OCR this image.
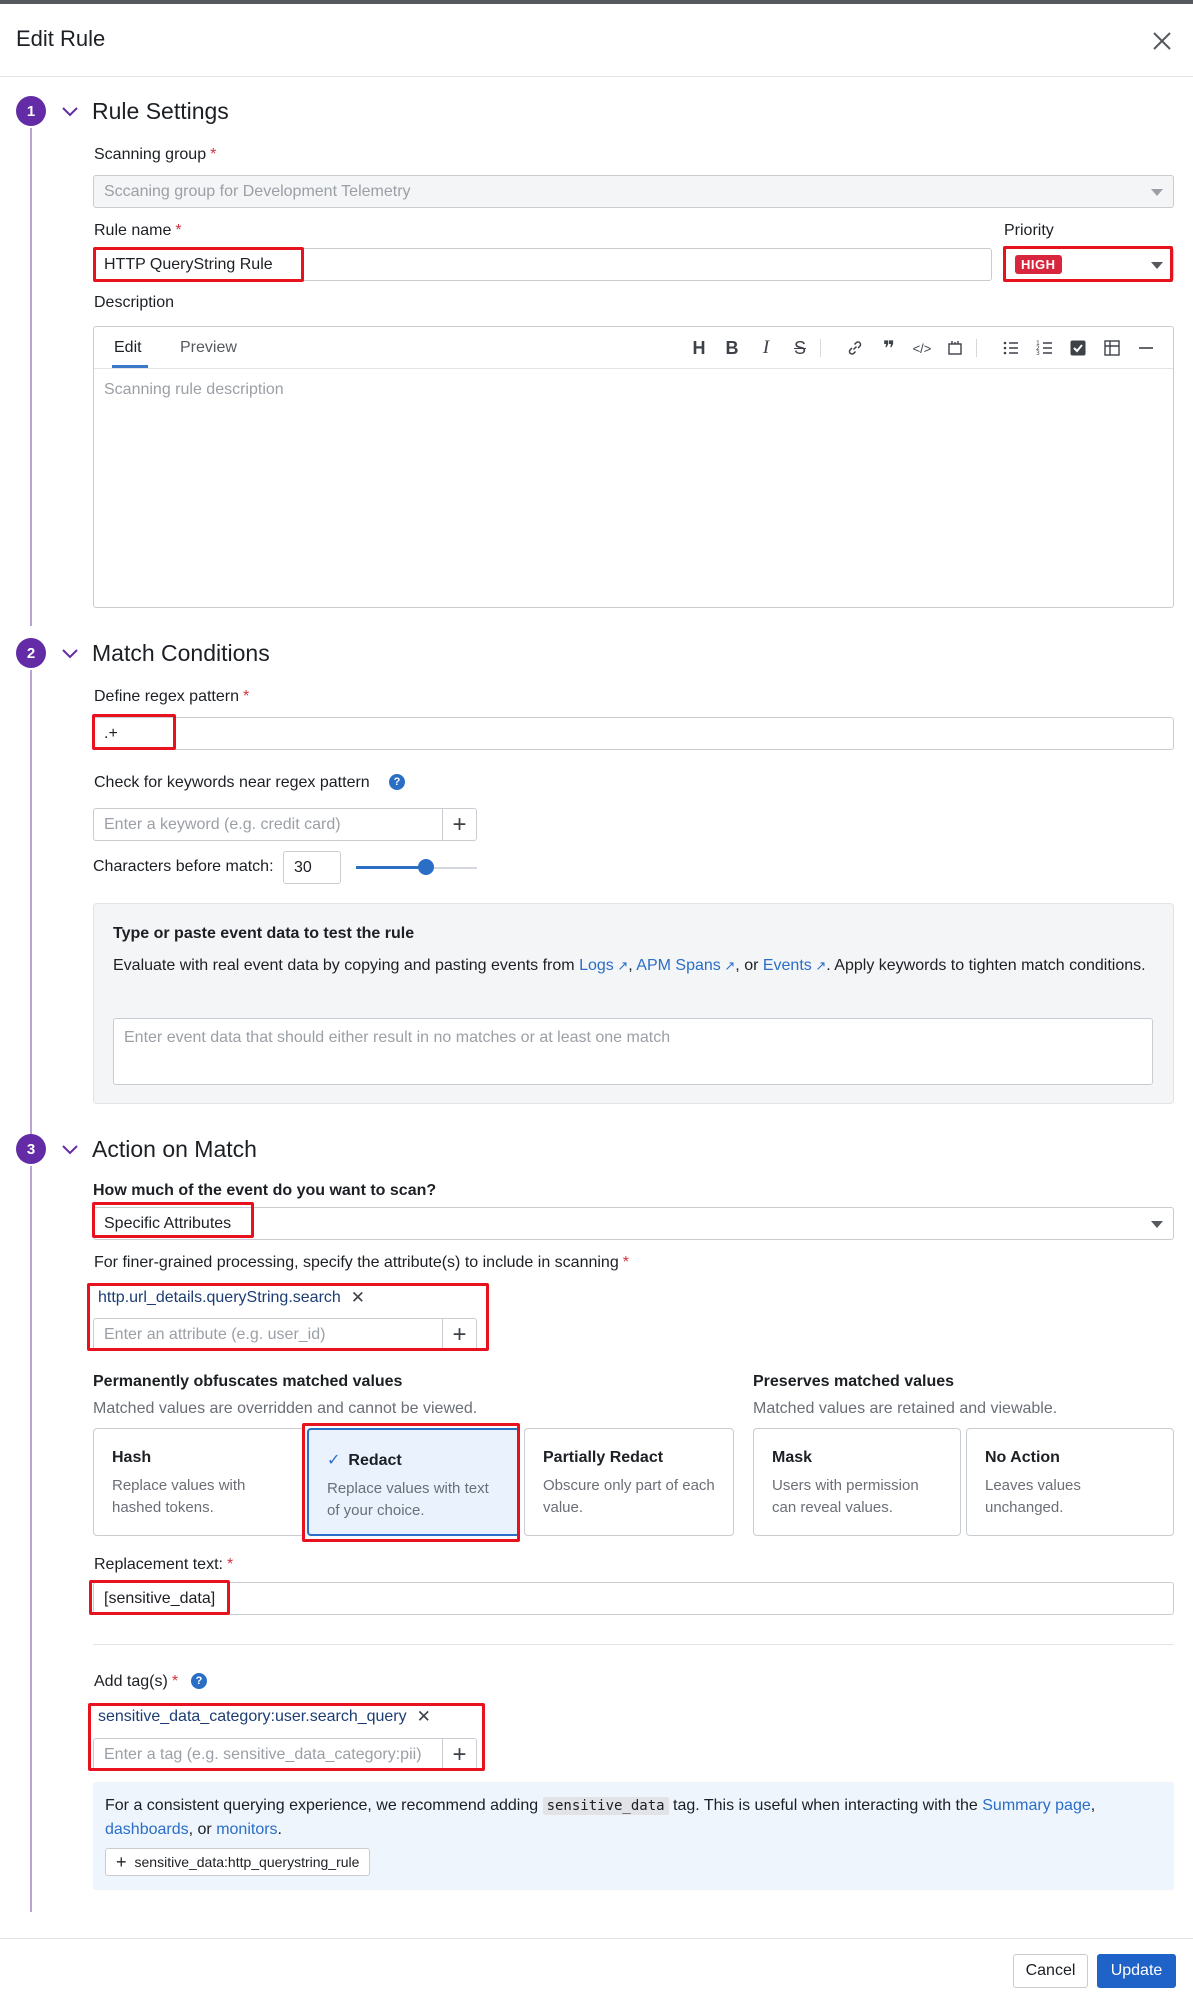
Edit Rule
1	Rule Settings
Scanning group *
Sccaning group for Development Telemetry
Rule name *
HTTP QueryString Rule
Priority
HIGH
Description
Edit Preview	H B	I	S	❞	</>	1
2
3
Scanning rule description
2	Match Conditions
Define regex pattern *
.+
Check for keywords near regex pattern	?
Enter a keyword (e.g. credit card)	+
Characters before match: 30
Type or paste event data to test the rule
Evaluate with real event data by copying and pasting events from Logs ↗, APM Spans ↗, or Events ↗. Apply keywords to tighten match conditions.
Enter event data that should either result in no matches or at least one match
3	Action on Match
How much of the event do you want to scan?
Specific Attributes
For finer-grained processing, specify the attribute(s) to include in scanning *
http.url_details.queryString.search ✕
Enter an attribute (e.g. user_id)	+
Permanently obfuscates matched values
Matched values are overridden and cannot be viewed.
Preserves matched values
Matched values are retained and viewable.
Hash
Replace values with hashed tokens.
✓ Redact
Replace values with text of your choice.
Partially Redact
Obscure only part of each value.
Mask
Users with permission can reveal values.
No Action
Leaves values unchanged.
Replacement text: *
[sensitive_data]
Add tag(s) *	?
sensitive_data_category:user.search_query ✕
Enter a tag (e.g. sensitive_data_category:pii)	+
For a consistent querying experience, we recommend adding sensitive_data tag. This is useful when interacting with the Summary page, dashboards, or monitors.
+ sensitive_data:http_querystring_rule
Cancel	Update
